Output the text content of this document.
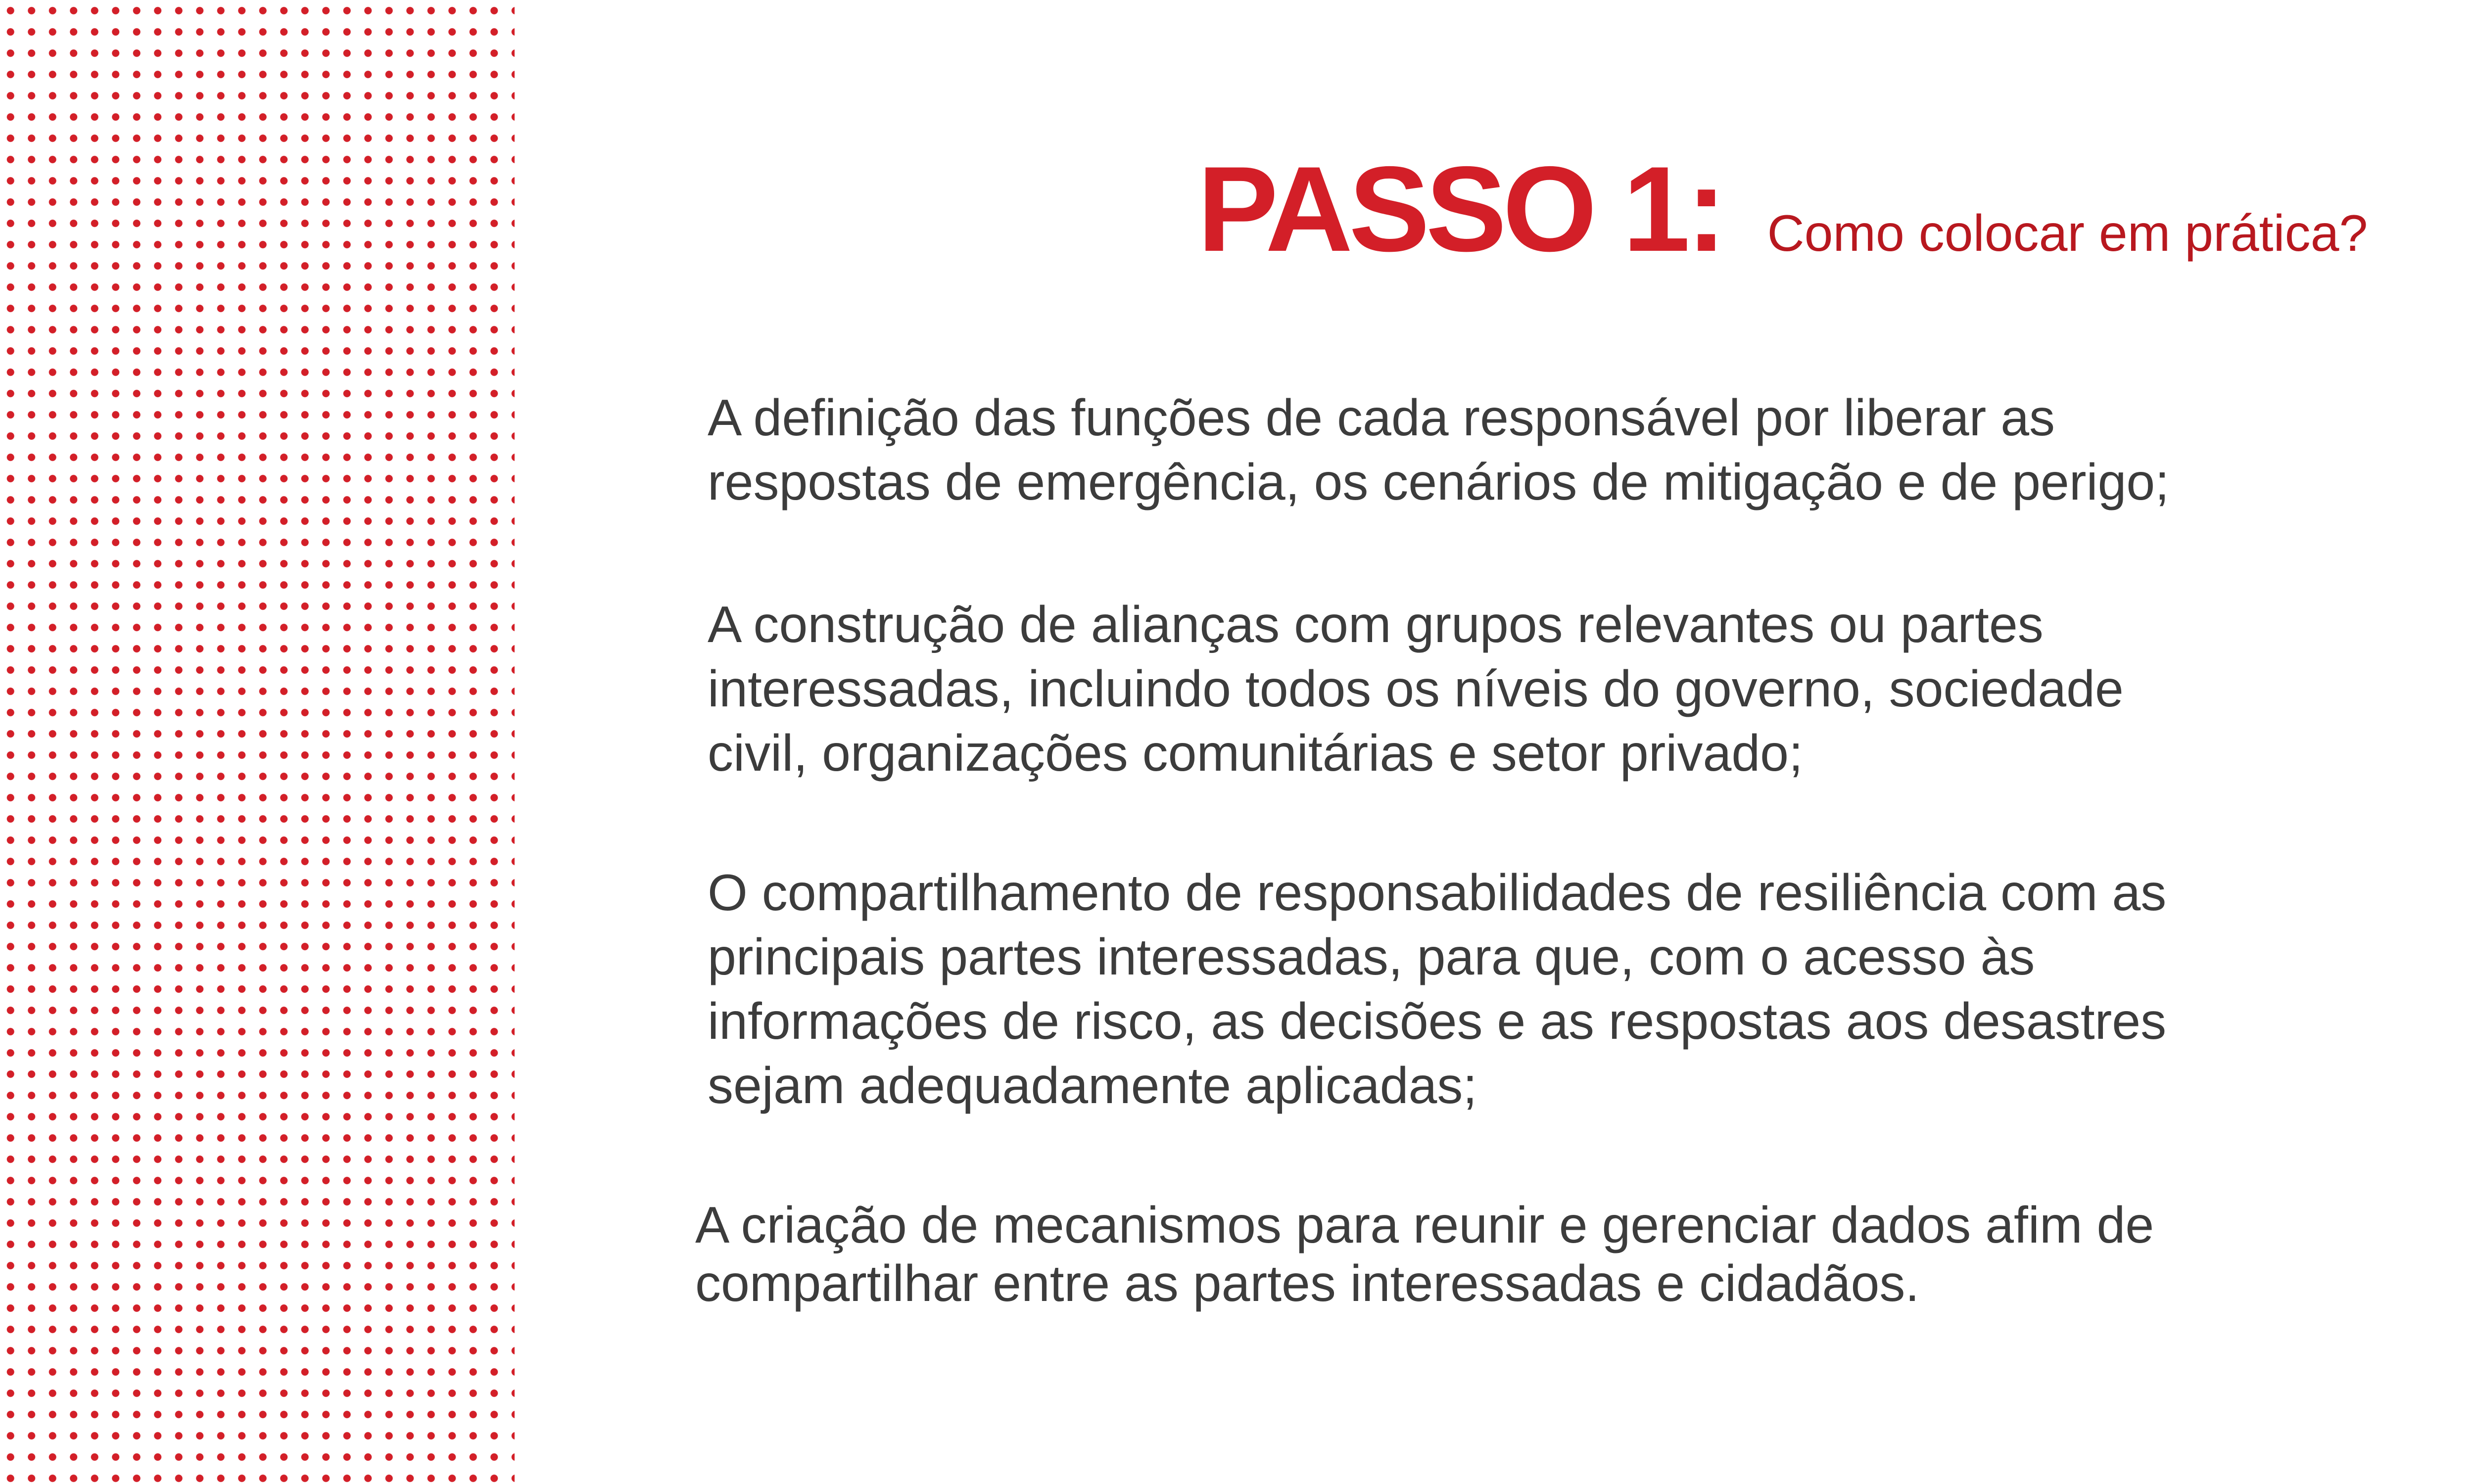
PASSO 1: Como colocar em prática?
A definição das funções de cada responsável por liberar as
respostas de emergência, os cenários de mitigação e de perigo;
A construção de alianças com grupos relevantes ou partes
interessadas, incluindo todos os níveis do governo, sociedade
civil, organizações comunitárias e setor privado;
O compartilhamento de responsabilidades de resiliência com as
principais partes interessadas, para que, com o acesso às
informações de risco, as decisões e as respostas aos desastres
sejam adequadamente aplicadas;
A criação de mecanismos para reunir e gerenciar dados afim de
compartilhar entre as partes interessadas e cidadãos.
